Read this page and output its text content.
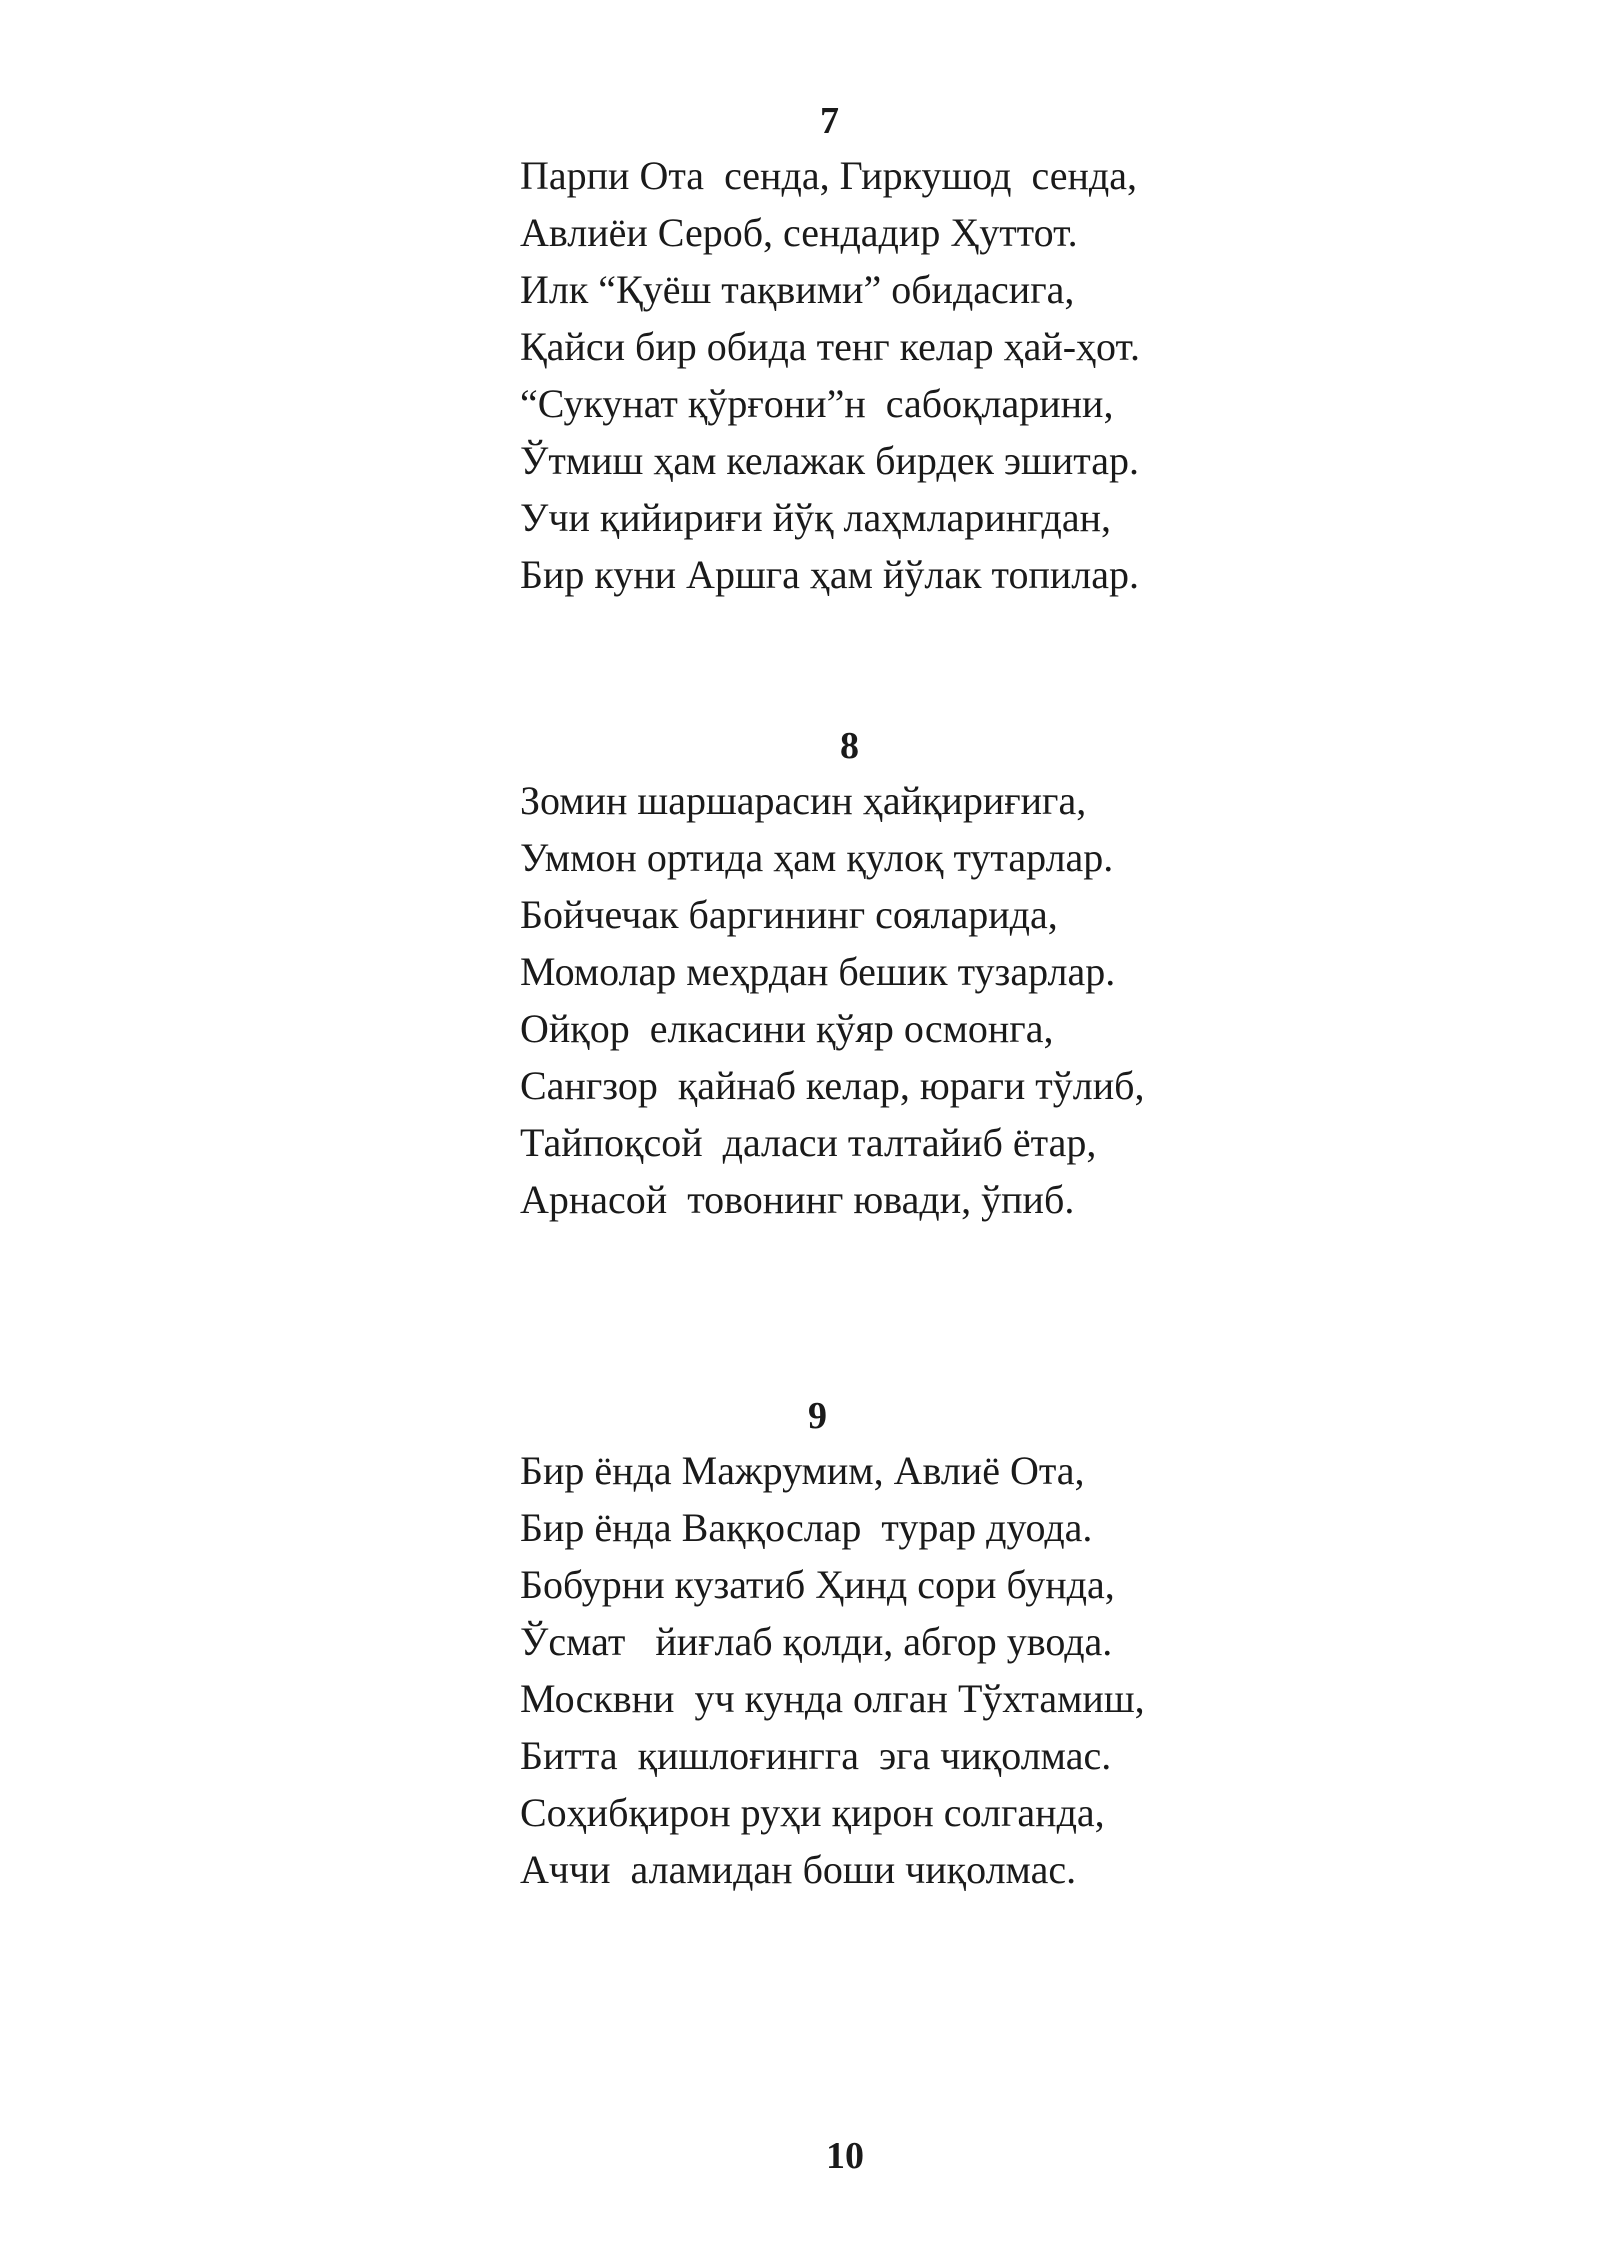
7
Парпи Ота  сенда, Гиркушод  сенда,
Авлиёи Сероб, сендадир Ҳуттот.
Илк “Қуёш тақвими” обидасига,
Қайси бир обида тенг келар ҳай-ҳот.
“Сукунат қўрғони”н  сабоқларини,
Ўтмиш ҳам келажак бирдек эшитар.
Учи қийириғи йўқ лаҳмларингдан,
Бир куни Аршга ҳам йўлак топилар.
8
Зомин шаршарасин ҳайқириғига,
Уммон ортида ҳам қулоқ тутарлар.
Бойчечак баргининг сояларида,
Момолар меҳрдан бешик тузарлар.
Ойқор  елкасини қўяр осмонга,
Сангзор  қайнаб келар, юраги тўлиб,
Тайпоқсой  даласи талтайиб ётар,
Арнасой  товонинг ювади, ўпиб.
9
Бир ёнда Мажрумим, Авлиё Ота,
Бир ёнда Ваққослар  турар дуода.
Бобурни кузатиб Ҳинд сори бунда,
Ўсмат   йиғлаб қолди, абгор увода.
Москвни  уч кунда олган Тўхтамиш,
Битта  қишлоғингга  эга чиқолмас.
Соҳибқирон руҳи қирон солганда,
Аччи  аламидан боши чиқолмас.
10
